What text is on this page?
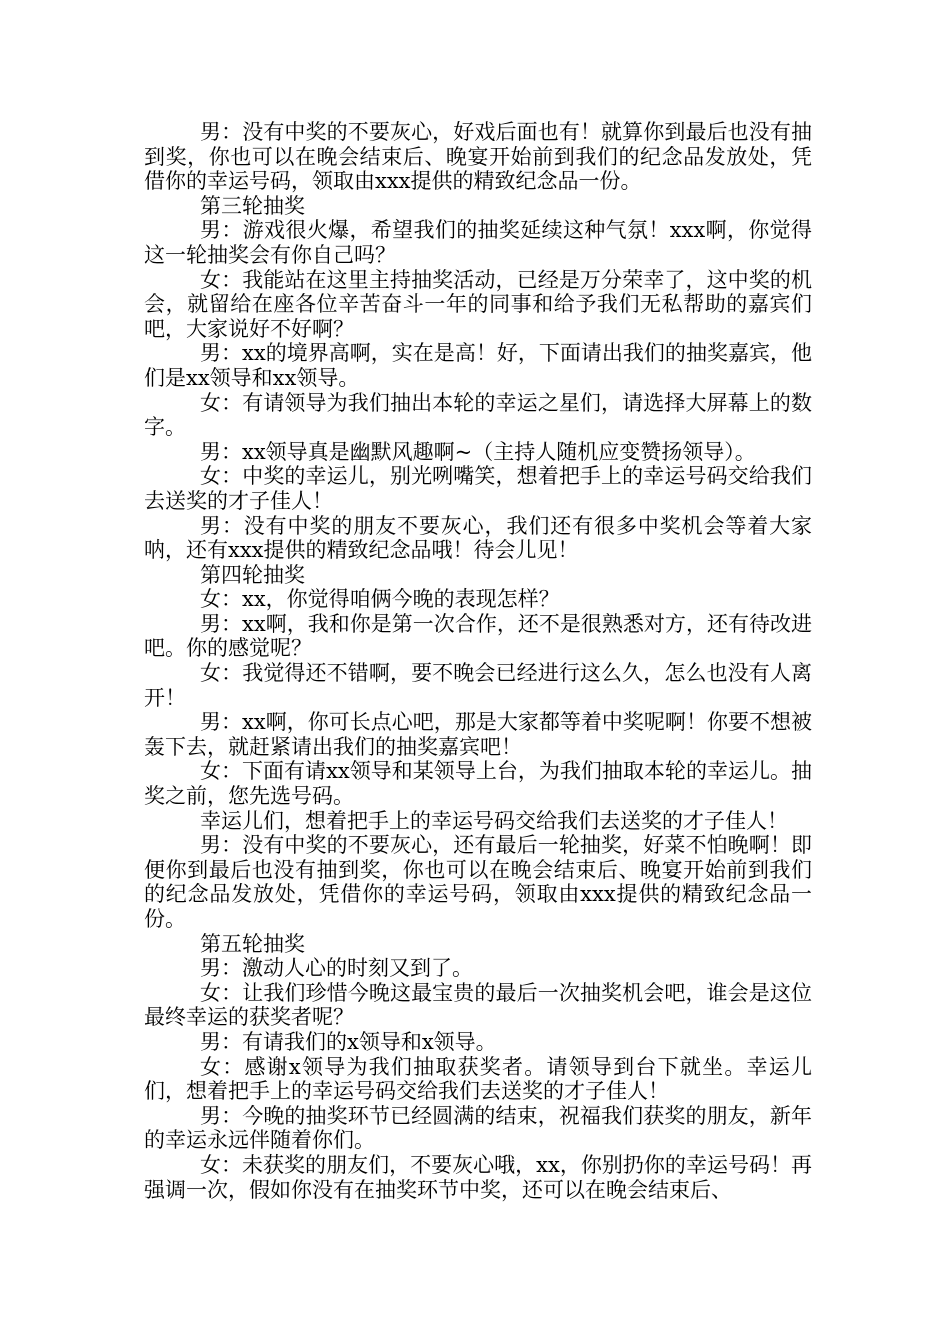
男：没有中奖的不要灰心，好戏后面也有！就算你到最后也没有抽到奖，你也可以在晚会结束后、晚宴开始前到我们的纪念品发放处，凭借你的幸运号码，领取由xxx提供的精致纪念品一份。

第三轮抽奖

男：游戏很火爆，希望我们的抽奖延续这种气氛！xxx啊，你觉得这一轮抽奖会有你自己吗？

女：我能站在这里主持抽奖活动，已经是万分荣幸了，这中奖的机会，就留给在座各位辛苦奋斗一年的同事和给予我们无私帮助的嘉宾们吧，大家说好不好啊？

男：xx的境界高啊，实在是高！好，下面请出我们的抽奖嘉宾，他们是xx领导和xx领导。

女：有请领导为我们抽出本轮的幸运之星们，请选择大屏幕上的数字。

男：xx领导真是幽默风趣啊~（主持人随机应变赞扬领导）。

女：中奖的幸运儿，别光咧嘴笑，想着把手上的幸运号码交给我们去送奖的才子佳人！

男：没有中奖的朋友不要灰心，我们还有很多中奖机会等着大家呐，还有xxx提供的精致纪念品哦！待会儿见！

第四轮抽奖

女：xx，你觉得咱俩今晚的表现怎样？

男：xx啊，我和你是第一次合作，还不是很熟悉对方，还有待改进吧。你的感觉呢？

女：我觉得还不错啊，要不晚会已经进行这么久，怎么也没有人离开！

男：xx啊，你可长点心吧，那是大家都等着中奖呢啊！你要不想被轰下去，就赶紧请出我们的抽奖嘉宾吧！

女：下面有请xx领导和某领导上台，为我们抽取本轮的幸运儿。抽奖之前，您先选号码。

幸运儿们，想着把手上的幸运号码交给我们去送奖的才子佳人！

男：没有中奖的不要灰心，还有最后一轮抽奖，好菜不怕晚啊！即便你到最后也没有抽到奖，你也可以在晚会结束后、晚宴开始前到我们的纪念品发放处，凭借你的幸运号码，领取由xxx提供的精致纪念品一份。

第五轮抽奖

男：激动人心的时刻又到了。

女：让我们珍惜今晚这最宝贵的最后一次抽奖机会吧，谁会是这位最终幸运的获奖者呢？

男：有请我们的x领导和x领导。

女：感谢x领导为我们抽取获奖者。请领导到台下就坐。幸运儿们，想着把手上的幸运号码交给我们去送奖的才子佳人！

男：今晚的抽奖环节已经圆满的结束，祝福我们获奖的朋友，新年的幸运永远伴随着你们。

女：未获奖的朋友们，不要灰心哦，xx，你别扔你的幸运号码！再强调一次，假如你没有在抽奖环节中奖，还可以在晚会结束后、
